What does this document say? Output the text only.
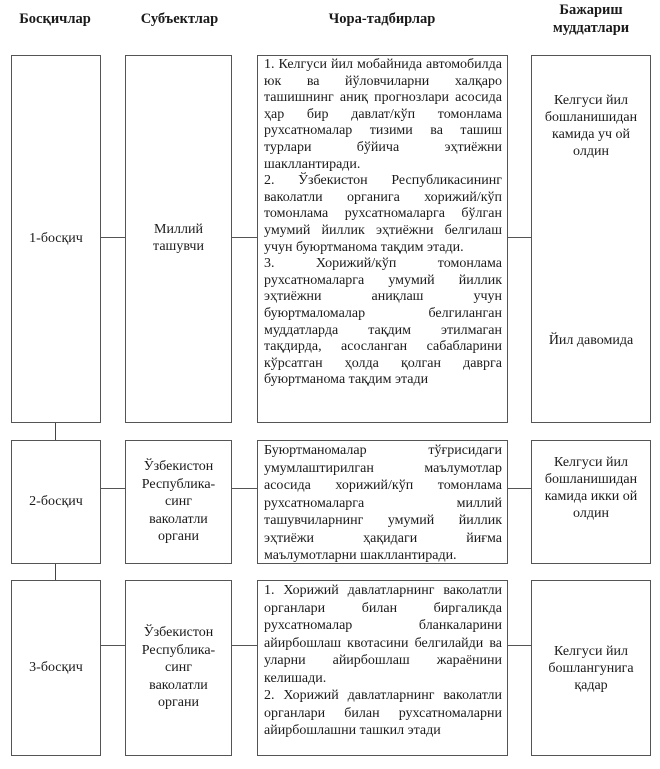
Босқичлар	Субъектлар	Чора-тадбирлар
Бажариш муддатлари
1-босқич
Миллий ташувчи

1. Келгуси йил мобайнида автомобилда юк ва йўловчиларни халқаро ташишнинг аниқ прогнозлари асосида ҳар бир давлат/кўп томонлама рухсатномалар тизими ва ташиш турлари бўйича эҳтиёжни шакллантиради.

2. Ўзбекистон Республикасининг ваколатли органига хорижий/кўп томонлама рухсатномаларга бўлган умумий йиллик эҳтиёжни белгилаш учун буюртманома тақдим этади.

3. Хорижий/кўп томонлама рухсатномаларга умумий йиллик эҳтиёжни аниқлаш учун буюртмаломалар белгиланган муддатларда тақдим этилмаган тақдирда, асосланган сабабларини кўрсатган ҳолда қолган даврга буюртманома тақдим этади

Келгуси йил бошланишидан камида уч ой олдин
Йил давомида
2-босқич
Ўзбекистон Республика-синг ваколатли органи

Буюртманомалар тўғрисидаги умумлаштирилган маълумотлар асосида хорижий/кўп томонлама рухсатномаларга миллий ташувчиларнинг умумий йиллик эҳтиёжи ҳақидаги йиғма маълумотларни шакллантиради.

Келгуси йил бошланишидан камида икки ой олдин
3-босқич
Ўзбекистон Республика-синг ваколатли органи

1. Хорижий давлатларнинг ваколатли органлари билан биргаликда рухсатномалар бланкаларини айирбошлаш квотасини белгилайди ва уларни айирбошлаш жараёнини келишади.

2. Хорижий давлатларнинг ваколатли органлари билан рухсатномаларни айирбошлашни ташкил этади

Келгуси йил бошлангунига қадар
